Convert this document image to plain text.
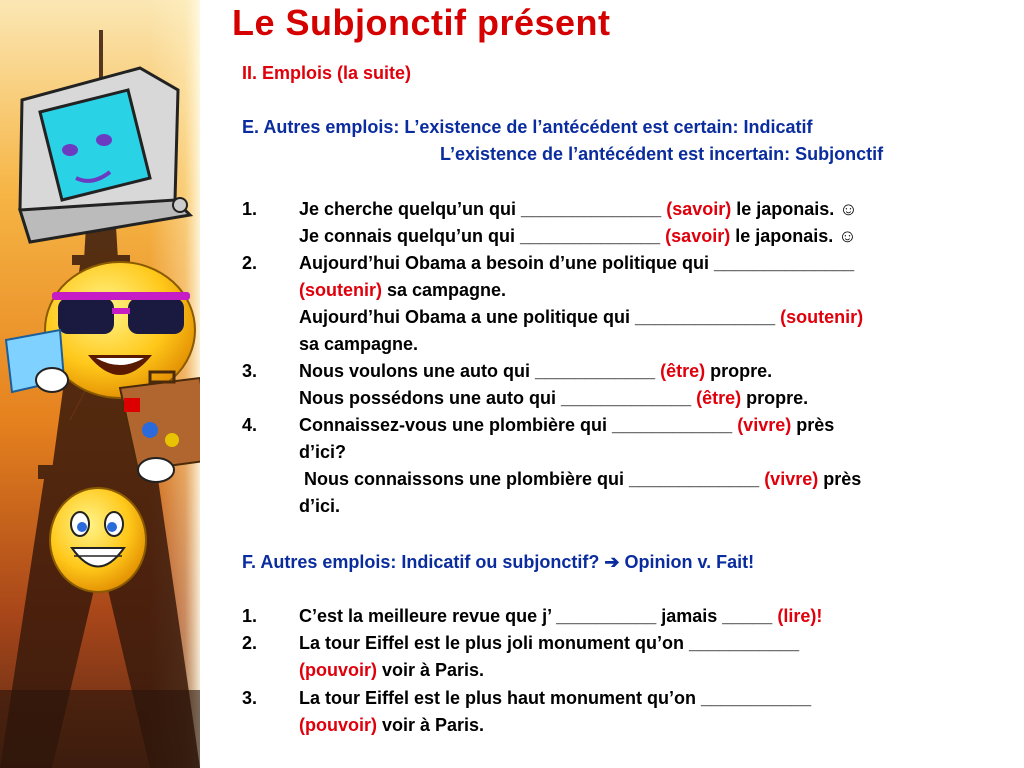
Le Subjonctif présent
II. Emplois (la suite)
E. Autres emplois: L’existence de l’antécédent est certain: Indicatif
L’existence de l’antécédent est incertain: Subjonctif
1. Je cherche quelqu’un qui ______________ (savoir) le japonais. ☺
Je connais quelqu’un qui ______________ (savoir) le japonais. ☺
2. Aujourd’hui Obama a besoin d’une politique qui ______________
(soutenir) sa campagne.
Aujourd’hui Obama a une politique qui ______________ (soutenir)
sa campagne.
3. Nous voulons une auto qui ____________ (être) propre.
Nous possédons une auto qui _____________ (être) propre.
4. Connaissez-vous une plombière qui ____________ (vivre) près
d’ici?
Nous connaissons une plombière qui _____________ (vivre) près
d’ici.
F. Autres emplois: Indicatif ou subjonctif? ➔ Opinion v. Fait!
1. C’est la meilleure revue que j’ __________ jamais _____ (lire)!
2. La tour Eiffel est le plus joli monument qu’on ___________
(pouvoir) voir à Paris.
3. La tour Eiffel est le plus haut monument qu’on ___________
(pouvoir) voir à Paris.
